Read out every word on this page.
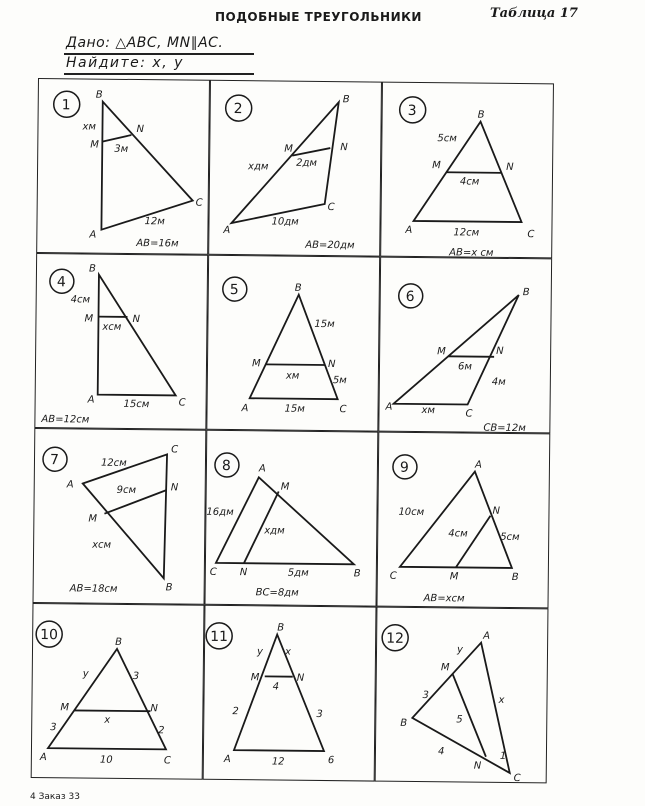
ПОДОБНЫЕ ТРЕУГОЛЬНИКИ	Таблица 17
Дано: △ABC, MN∥AC.
Найдите: x, y
4 Заказ 33
1
B
xм	N
M 3м
C
12м
A
AB=16м
2
B
M	N
xдм	2дм
C
10дм
A
AB=20дм
3	B
5см
M	N
4см
A	12см	C
AB=x см
4
B
4см
M
xсм
N
A	15см	C
AB=12см
5	B
15м
M	N
xм	5м
A	15м	C
6	B
M	N
6м
4м
A	xм	C
CB=12м
7	12см
C
A	9см	N
M
xсм
B
AB=18см
8	A
M
16дм
xдм
C N	5дм	B
BC=8дм
9	A
10см	N
4см	5см
C	M	B
AB=xсм
10	B
y	3
M	N
x
3	2
A	10	C
11
B
y x
M	N
4
2	3
A	12	6
12	A
y
M
3	x
5
B
4
N
1
C
